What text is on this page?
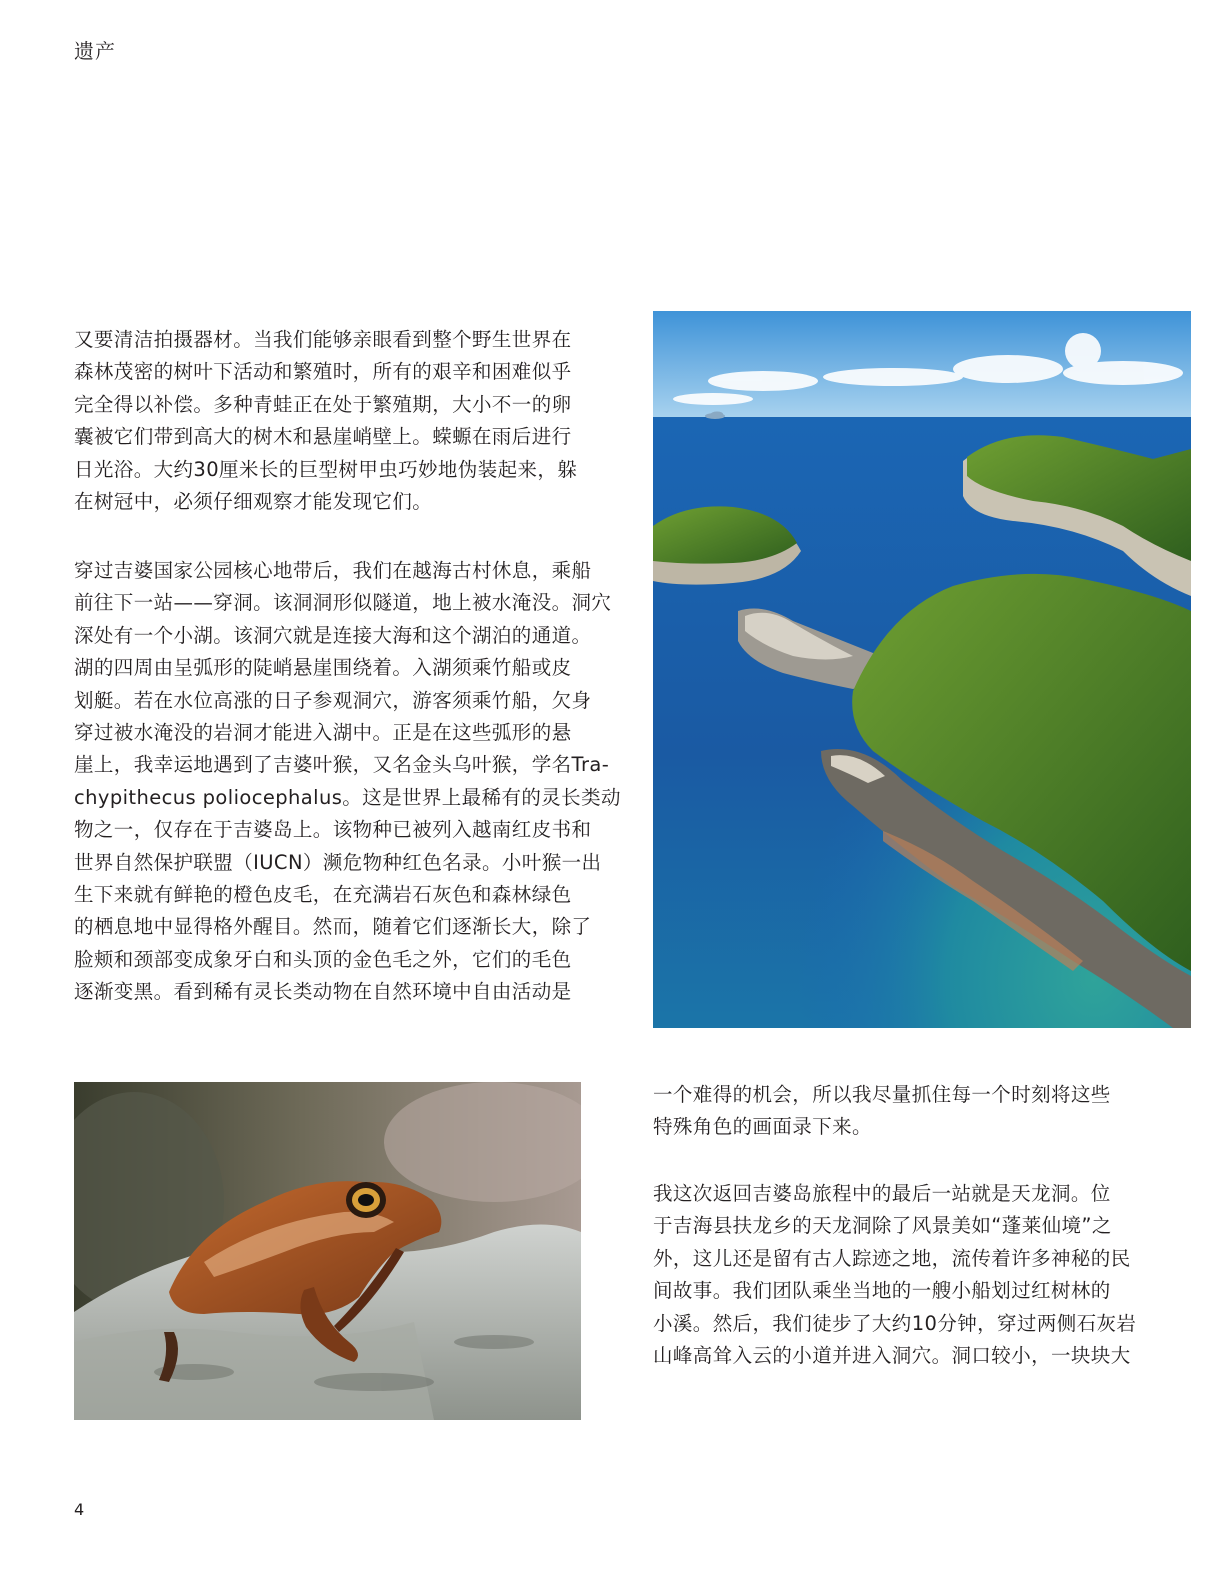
遗产

又要清洁拍摄器材。当我们能够亲眼看到整个野生世界在

森林茂密的树叶下活动和繁殖时，所有的艰辛和困难似乎

完全得以补偿。多种青蛙正在处于繁殖期，大小不一的卵

囊被它们带到高大的树木和悬崖峭壁上。蝾螈在雨后进行

日光浴。大约30厘米长的巨型树甲虫巧妙地伪装起来，躲

在树冠中，必须仔细观察才能发现它们。

穿过吉婆国家公园核心地带后，我们在越海古村休息，乘船

前往下一站——穿洞。该洞洞形似隧道，地上被水淹没。洞穴

深处有一个小湖。该洞穴就是连接大海和这个湖泊的通道。

湖的四周由呈弧形的陡峭悬崖围绕着。入湖须乘竹船或皮

划艇。若在水位高涨的日子参观洞穴，游客须乘竹船，欠身

穿过被水淹没的岩洞才能进入湖中。正是在这些弧形的悬

崖上，我幸运地遇到了吉婆叶猴，又名金头乌叶猴，学名Tra-

chypithecus poliocephalus。这是世界上最稀有的灵长类动

物之一，仅存在于吉婆岛上。该物种已被列入越南红皮书和

世界自然保护联盟（IUCN）濒危物种红色名录。小叶猴一出

生下来就有鲜艳的橙色皮毛，在充满岩石灰色和森林绿色

的栖息地中显得格外醒目。然而，随着它们逐渐长大，除了

脸颊和颈部变成象牙白和头顶的金色毛之外，它们的毛色

逐渐变黑。看到稀有灵长类动物在自然环境中自由活动是

一个难得的机会，所以我尽量抓住每一个时刻将这些

特殊角色的画面录下来。

我这次返回吉婆岛旅程中的最后一站就是天龙洞。位

于吉海县扶龙乡的天龙洞除了风景美如“蓬莱仙境”之

外，这儿还是留有古人踪迹之地，流传着许多神秘的民

间故事。我们团队乘坐当地的一艘小船划过红树林的

小溪。然后，我们徒步了大约10分钟，穿过两侧石灰岩

山峰高耸入云的小道并进入洞穴。洞口较小，一块块大

4
